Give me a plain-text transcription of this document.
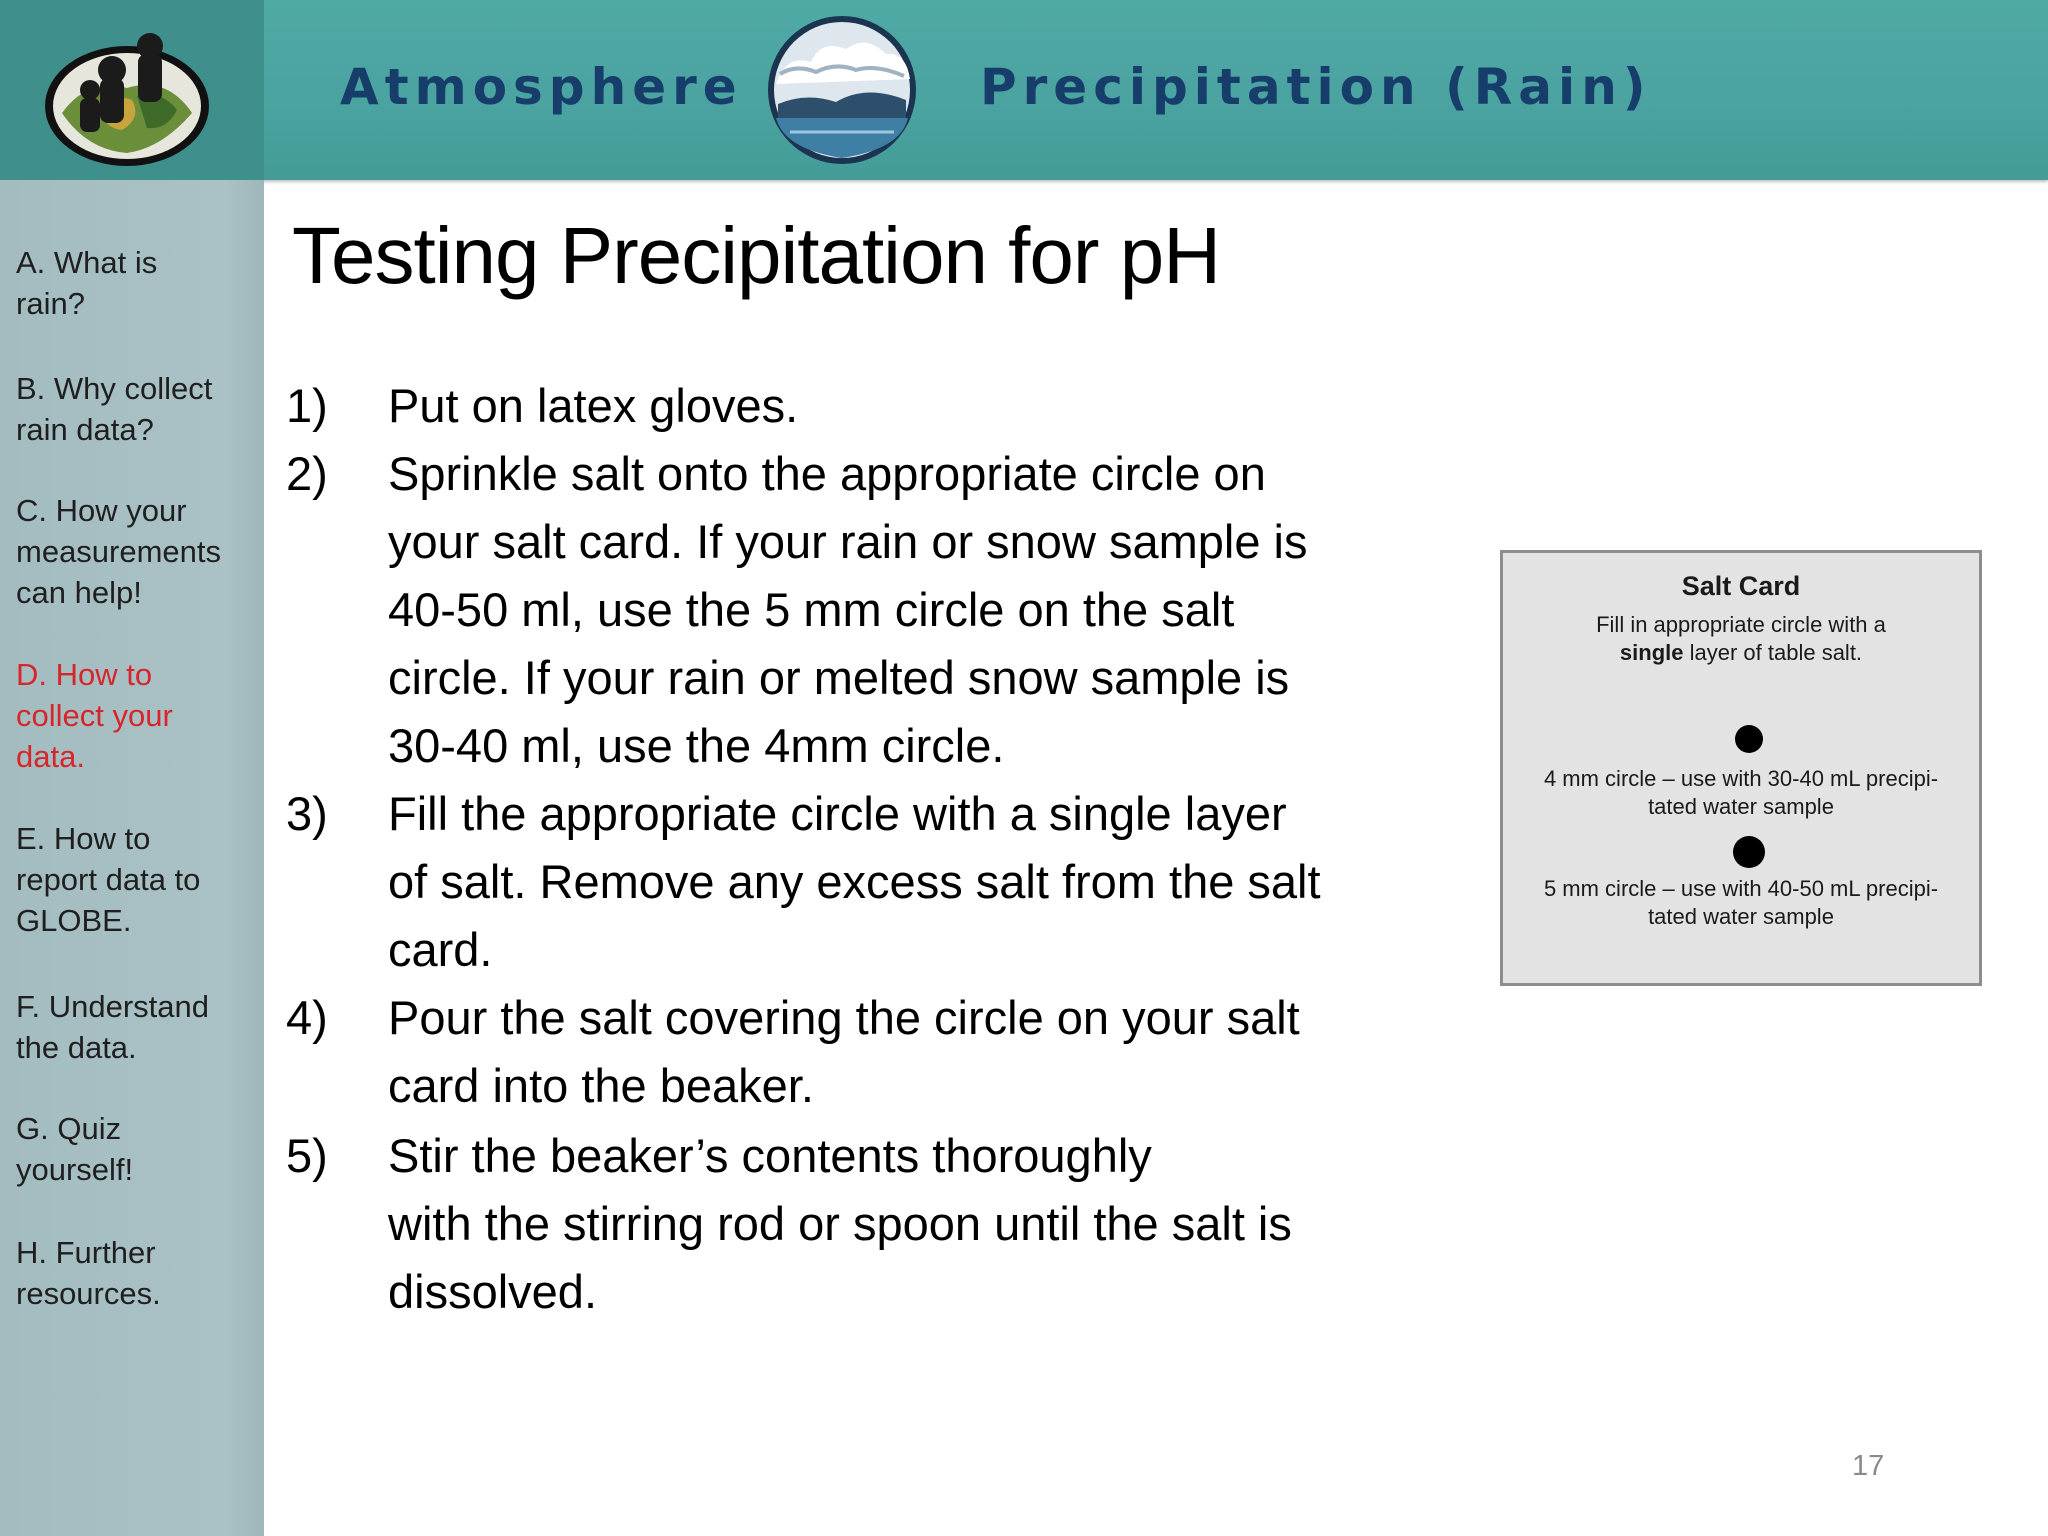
Atmosphere	Precipitation (Rain)
A. What is
rain?
B. Why collect
rain data?
C. How your
measurements
can help!
D. How to
collect your
data.
E. How to
report data to
GLOBE.
F. Understand
the data.
G. Quiz
yourself!
H. Further
resources.
Testing Precipitation for pH
1)	Put on latex gloves.
2)	Sprinkle salt onto the appropriate circle on
your salt card. If your rain or snow sample is
40-50 ml, use the 5 mm circle on the salt
circle. If your rain or melted snow sample is
30-40 ml, use the 4mm circle.
3)	Fill the appropriate circle with a single layer
of salt. Remove any excess salt from the salt
card.
4)	Pour the salt covering the circle on your salt
card into the beaker.
5)	Stir the beaker’s contents thoroughly
with the stirring rod or spoon until the salt is
dissolved.
Salt Card
Fill in appropriate circle with a
single layer of table salt.
4 mm circle – use with 30-40 mL precipi-
tated water sample
5 mm circle – use with 40-50 mL precipi-
tated water sample
17
